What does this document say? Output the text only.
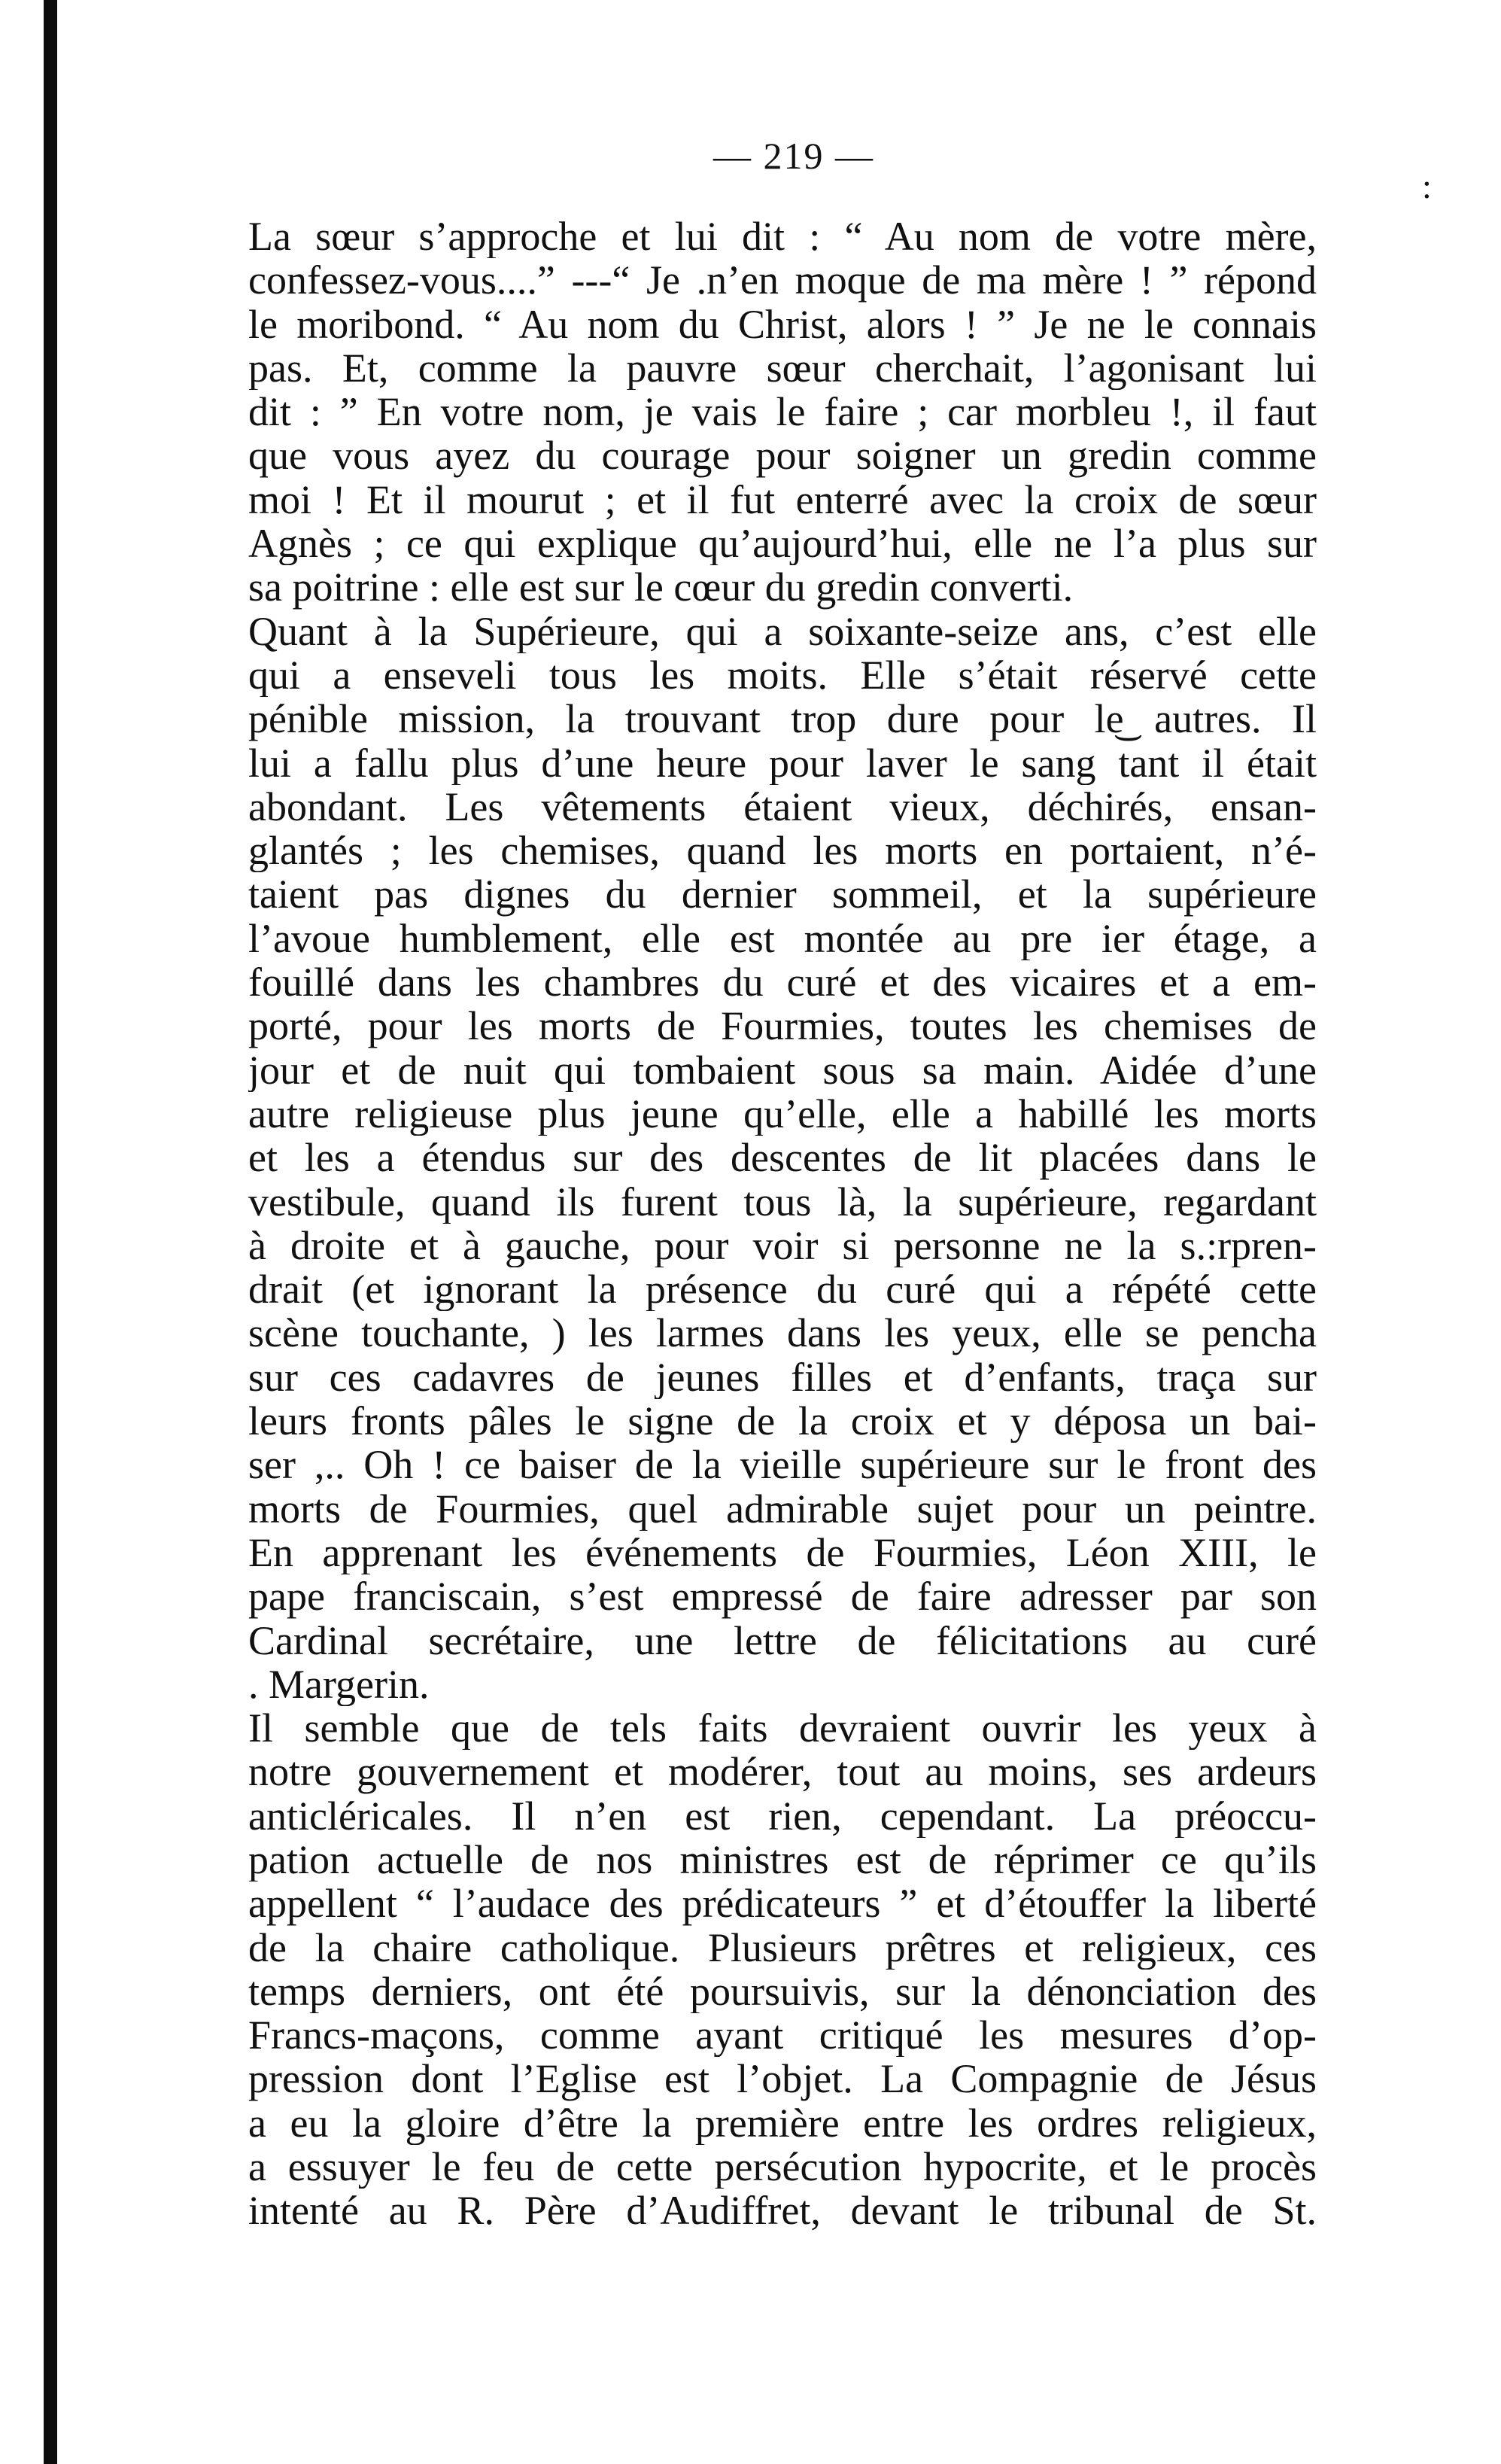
— 219 —
:
La sœur s’approche et lui dit : “ Au nom de votre mère,
confessez-vous....” ---“ Je .n’en moque de ma mère ! ” répond
le moribond. “ Au nom du Christ, alors ! ” Je ne le connais
pas. Et, comme la pauvre sœur cherchait, l’agonisant lui
dit : ” En votre nom, je vais le faire ; car morbleu !, il faut
que vous ayez du courage pour soigner un gredin comme
moi ! Et il mourut ; et il fut enterré avec la croix de sœur
Agnès ; ce qui explique qu’aujourd’hui, elle ne l’a plus sur
sa poitrine : elle est sur le cœur du gredin converti.
Quant à la Supérieure, qui a soixante-seize ans, c’est elle
qui a enseveli tous les moits. Elle s’était réservé cette
pénible mission, la trouvant trop dure pour le͜ autres. Il
lui a fallu plus d’une heure pour laver le sang tant il était
abondant. Les vêtements étaient vieux, déchirés, ensan-
glantés ; les chemises, quand les morts en portaient, n’é-
taient pas dignes du dernier sommeil, et la supérieure
l’avoue humblement, elle est montée au pre ier étage, a
fouillé dans les chambres du curé et des vicaires et a em-
porté, pour les morts de Fourmies, toutes les chemises de
jour et de nuit qui tombaient sous sa main. Aidée d’une
autre religieuse plus jeune qu’elle, elle a habillé les morts
et les a étendus sur des descentes de lit placées dans le
vestibule, quand ils furent tous là, la supérieure, regardant
à droite et à gauche, pour voir si personne ne la s.:rpren-
drait (et ignorant la présence du curé qui a répété cette
scène touchante, ) les larmes dans les yeux, elle se pencha
sur ces cadavres de jeunes filles et d’enfants, traça sur
leurs fronts pâles le signe de la croix et y déposa un bai-
ser ,.. Oh ! ce baiser de la vieille supérieure sur le front des
morts de Fourmies, quel admirable sujet pour un peintre.
En apprenant les événements de Fourmies, Léon XIII, le
pape franciscain, s’est empressé de faire adresser par son
Cardinal secrétaire, une lettre de félicitations au curé
. Margerin.
Il semble que de tels faits devraient ouvrir les yeux à
notre gouvernement et modérer, tout au moins, ses ardeurs
anticléricales. Il n’en est rien, cependant. La préoccu-
pation actuelle de nos ministres est de réprimer ce qu’ils
appellent “ l’audace des prédicateurs ” et d’étouffer la liberté
de la chaire catholique. Plusieurs prêtres et religieux, ces
temps derniers, ont été poursuivis, sur la dénonciation des
Francs-maçons, comme ayant critiqué les mesures d’op-
pression dont l’Eglise est l’objet. La Compagnie de Jésus
a eu la gloire d’être la première entre les ordres religieux,
a essuyer le feu de cette persécution hypocrite, et le procès
intenté au R. Père d’Audiffret, devant le tribunal de St.
